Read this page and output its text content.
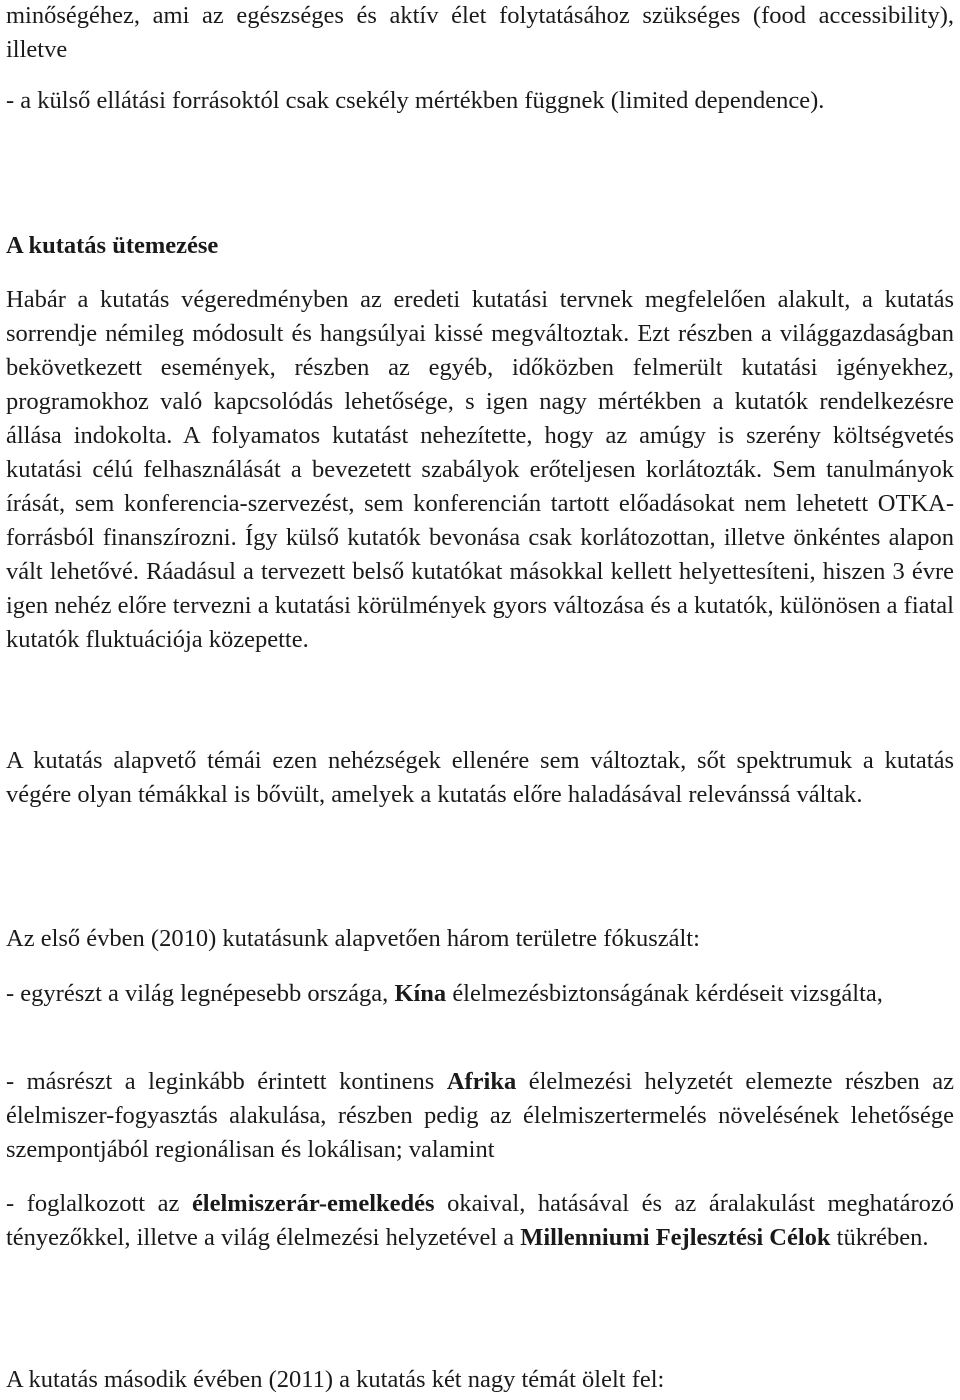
minőségéhez, ami az egészséges és aktív élet folytatásához szükséges (food accessibility), illetve

- a külső ellátási forrásoktól csak csekély mértékben függnek (limited dependence).

A kutatás ütemezése

Habár a kutatás végeredményben az eredeti kutatási tervnek megfelelően alakult, a kutatás sorrendje némileg módosult és hangsúlyai kissé megváltoztak. Ezt részben a világgazdaságban bekövetkezett események, részben az egyéb, időközben felmerült kutatási igényekhez, programokhoz való kapcsolódás lehetősége, s igen nagy mértékben a kutatók rendelkezésre állása indokolta. A folyamatos kutatást nehezítette, hogy az amúgy is szerény költségvetés kutatási célú felhasználását a bevezetett szabályok erőteljesen korlátozták. Sem tanulmányok írását, sem konferencia-szervezést, sem konferencián tartott előadásokat nem lehetett OTKA-forrásból finanszírozni. Így külső kutatók bevonása csak korlátozottan, illetve önkéntes alapon vált lehetővé. Ráadásul a tervezett belső kutatókat másokkal kellett helyettesíteni, hiszen 3 évre igen nehéz előre tervezni a kutatási körülmények gyors változása és a kutatók, különösen a fiatal kutatók fluktuációja közepette.

A kutatás alapvető témái ezen nehézségek ellenére sem változtak, sőt spektrumuk a kutatás végére olyan témákkal is bővült, amelyek a kutatás előre haladásával relevánssá váltak.

Az első évben (2010) kutatásunk alapvetően három területre fókuszált:

- egyrészt a világ legnépesebb országa, Kína élelmezésbiztonságának kérdéseit vizsgálta,

- másrészt a leginkább érintett kontinens Afrika élelmezési helyzetét elemezte részben az élelmiszer-fogyasztás alakulása, részben pedig az élelmiszertermelés növelésének lehetősége szempontjából regionálisan és lokálisan; valamint

- foglalkozott az élelmiszerár-emelkedés okaival, hatásával és az áralakulást meghatározó tényezőkkel, illetve a világ élelmezési helyzetével a Millenniumi Fejlesztési Célok tükrében.

A kutatás második évében (2011) a kutatás két nagy témát ölelt fel:
